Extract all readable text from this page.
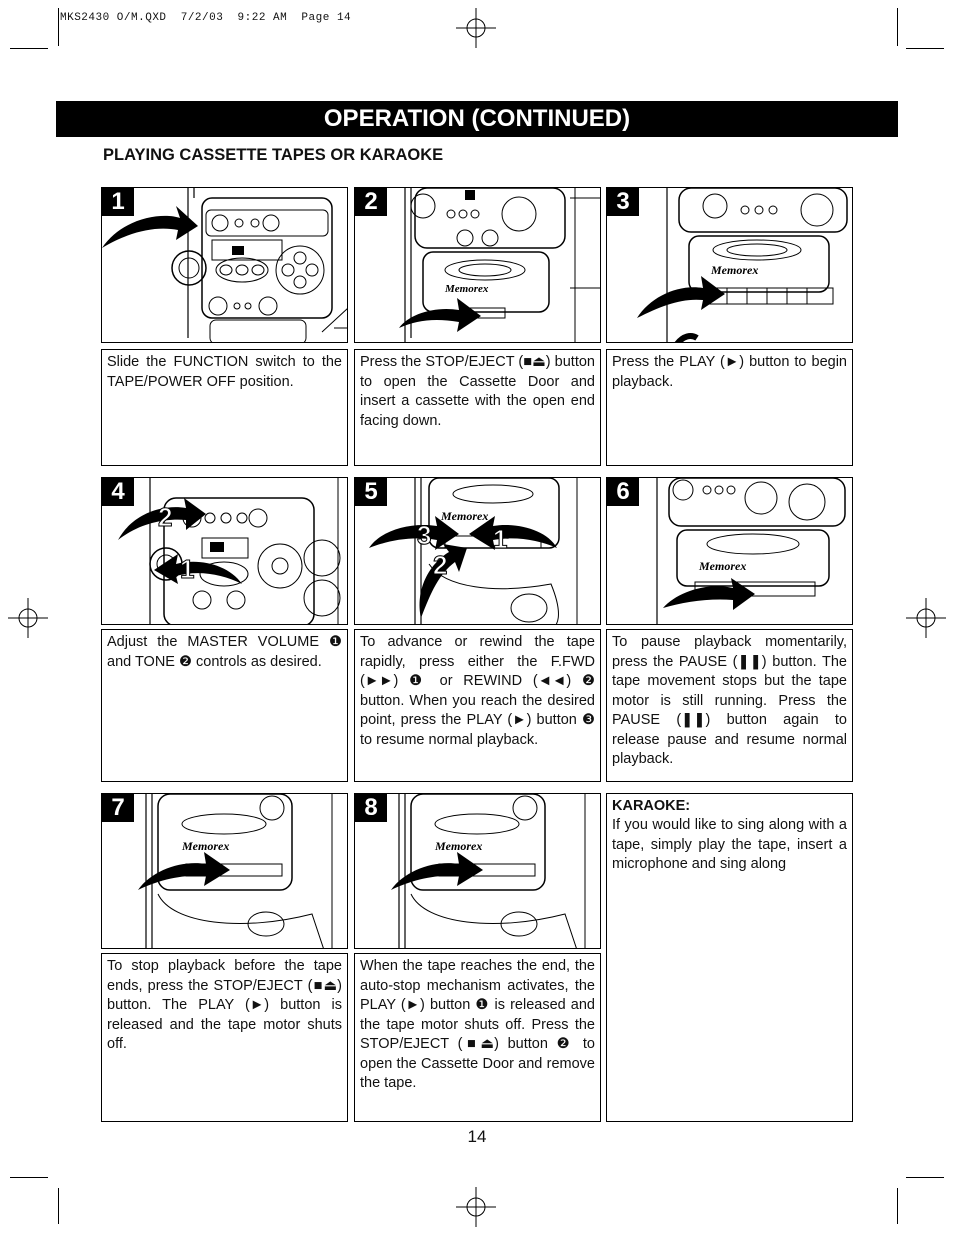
MKS2430 O/M.QXD  7/2/03  9:22 AM  Page 14
OPERATION (CONTINUED)
PLAYING CASSETTE TAPES OR KARAOKE
1	2
Memorex
3
Memorex
Slide the FUNCTION switch to the TAPE/POWER OFF position.
Press the STOP/EJECT (■⏏) button to open the Cassette Door and insert a cassette with the open end facing down.
Press the PLAY (►) button to begin playback.
4
2
1
5
Memorex
3 1
2
6
Memorex
Adjust the MASTER VOLUME ❶ and TONE ❷ controls as desired.
To advance or rewind the tape rapidly, press either the F.FWD (►►) ❶ or REWIND (◄◄) ❷ button. When you reach the desired point, press the PLAY (►) button ❸ to resume normal playback.
To pause playback momentarily, press the PAUSE (❚❚) button. The tape movement stops but the tape motor is still running. Press the PAUSE (❚❚) button again to release pause and resume normal playback.
7
Memorex
8
Memorex
To stop playback before the tape ends, press the STOP/EJECT (■⏏) button. The PLAY (►) button is released and the tape motor shuts off.
When the tape reaches the end, the auto-stop mechanism activates, the PLAY (►) button ❶ is released and the tape motor shuts off. Press the STOP/EJECT (■⏏) button ❷ to open the Cassette Door and remove the tape.
KARAOKE:
If you would like to sing along with a tape, simply play the tape, insert a microphone and sing along
14
